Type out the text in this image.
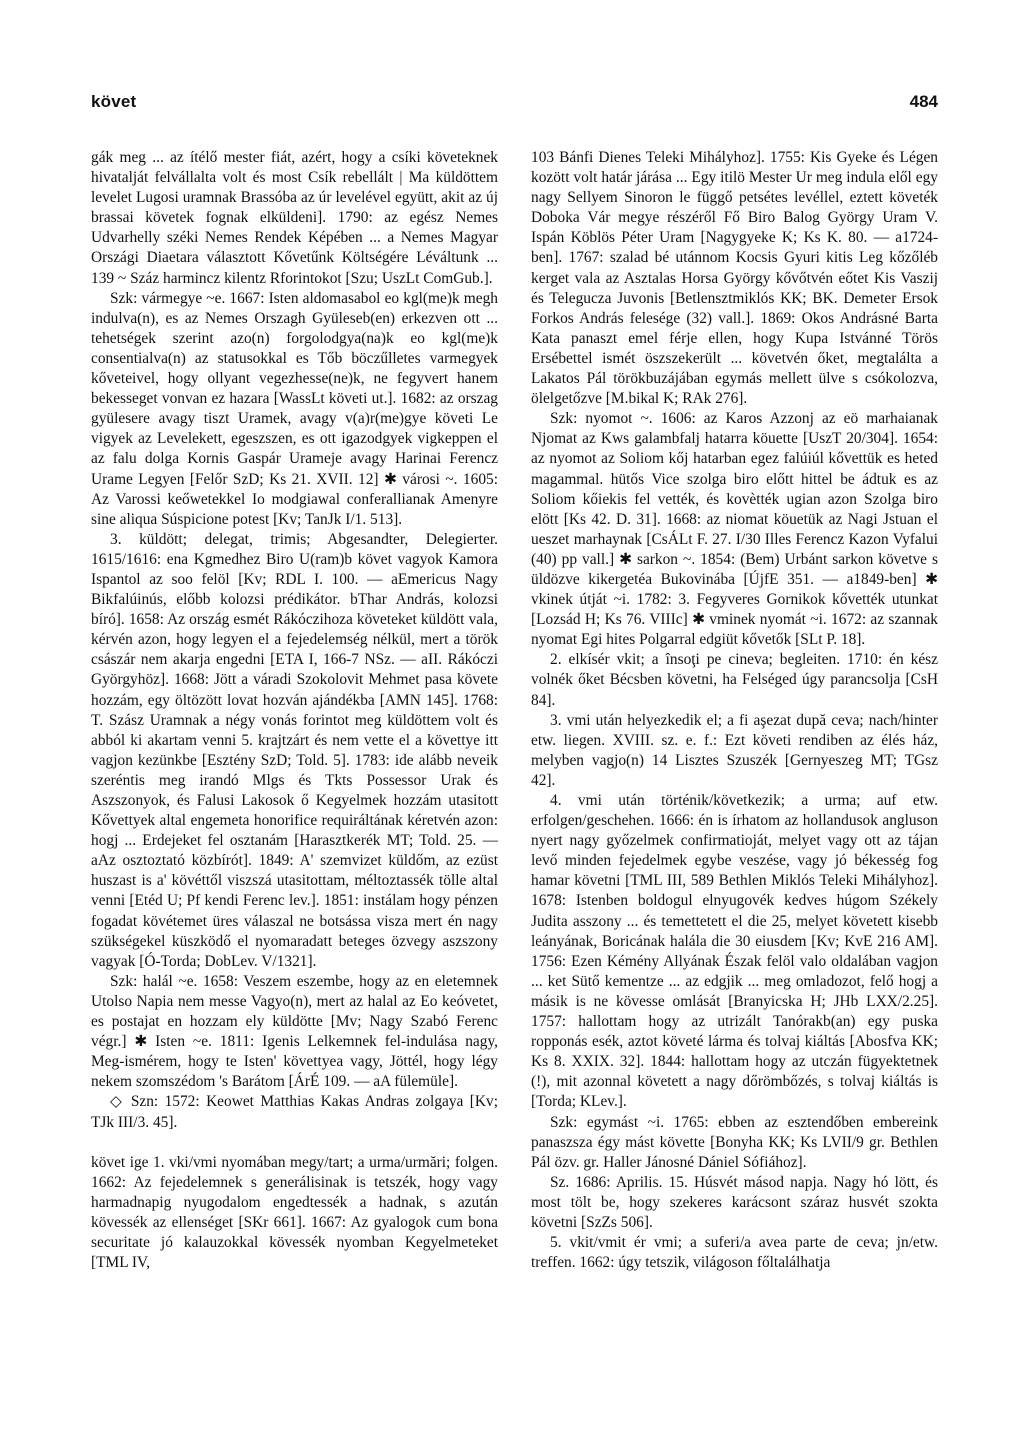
követ	484

gák meg ... az ítélő mester fiát, azért, hogy a csíki követeknek hivatalját felvállalta volt és most Csík rebellált | Ma küldöttem levelet Lugosi uramnak Brassóba az úr levelével együtt, akit az új brassai követek fognak elküldeni]. 1790: az egész Nemes Udvarhelly széki Nemes Rendek Képében ... a Nemes Magyar Országi Diaetara választott Kővetűnk Költségére Léváltunk ... 139 ~ Száz harmincz kilentz Rforintokot [Szu; UszLt ComGub.].

Szk: vármegye ~e. 1667: Isten aldomasabol eo kgl(me)k megh indulva(n), es az Nemes Orszagh Gyüleseb(en) erkezven ott ... tehetségek szerint azo(n) forgolodgya(na)k eo kgl(me)k consentialva(n) az statusokkal es Tőb böczűlletes varmegyek kőveteivel, hogy ollyant vegezhesse(ne)k, ne fegyvert hanem bekesseget vonvan ez hazara [WassLt követi ut.]. 1682: az orszag gyülesere avagy tiszt Uramek, avagy v(a)r(me)gye követi Le vigyek az Levelekett, egeszszen, es ott igazodgyek vigkeppen el az falu dolga Kornis Gaspár Urameje avagy Harinai Ferencz Urame Legyen [Felőr SzD; Ks 21. XVII. 12] ✱ városi ~. 1605: Az Varossi keőwetekkel Io modgiawal conferallianak Amenyre sine aliqua Súspicione potest [Kv; TanJk I/1. 513].

3. küldött; delegat, trimis; Abgesandter, Delegierter. 1615/1616: ena Kgmedhez Biro U(ram)b követ vagyok Kamora Ispantol az soo felöl [Kv; RDL I. 100. — aEmericus Nagy Bikfalúinús, előbb kolozsi prédikátor. bThar András, kolozsi bíró]. 1658: Az ország esmét Rákóczihoza követeket küldött vala, kérvén azon, hogy legyen el a fejedelemség nélkül, mert a török császár nem akarja engedni [ETA I, 166-7 NSz. — aII. Rákóczi Györgyhöz]. 1668: Jött a váradi Szokolovit Mehmet pasa követe hozzám, egy öltözött lovat hozván ajándékba [AMN 145]. 1768: T. Szász Uramnak a négy vonás forintot meg küldöttem volt és abból ki akartam venni 5. krajtzárt és nem vette el a követtye itt vagjon kezünkbe [Esztény SzD; Told. 5]. 1783: ide alább neveik szeréntis meg irandó Mlgs és Tkts Possessor Urak és Aszszonyok, és Falusi Lakosok ő Kegyelmek hozzám utasitott Kővettyek altal engemeta honorifice requiráltának kéretvén azon: hogj ... Erdejeket fel osztanám [Harasztkerék MT; Told. 25. — aAz osztoztató közbírót]. 1849: A' szemvizet küldőm, az ezüst huszast is a' kövéttől viszszá utasitottam, méltoztassék tölle altal venni [Etéd U; Pf kendi Ferenc lev.]. 1851: instálam hogy pénzen fogadat kövétemet üres válaszal ne botsássa visza mert én nagy szükségekel küszködő el nyomaradatt beteges özvegy aszszony vagyak [Ó-Torda; DobLev. V/1321].

Szk: halál ~e. 1658: Veszem eszembe, hogy az en eletemnek Utolso Napia nem messe Vagyo(n), mert az halal az Eo keóvetet, es postajat en hozzam ely küldötte [Mv; Nagy Szabó Ferenc végr.] ✱ Isten ~e. 1811: Igenis Lelkemnek fel-indulása nagy, Meg-ismérem, hogy te Isten' követtyea vagy, Jöttél, hogy légy nekem szomszédom 's Barátom [ÁrÉ 109. — aA fülemüle].

◇ Szn: 1572: Keowet Matthias Kakas Andras zolgaya [Kv; TJk III/3. 45].

követ ige 1. vki/vmi nyomában megy/tart; a urma/urmări; folgen. 1662: Az fejedelemnek s generálisinak is tetszék, hogy vagy harmadnapig nyugodalom engedtessék a hadnak, s azután kövessék az ellenséget [SKr 661]. 1667: Az gyalogok cum bona securitate jó kalauzokkal kövessék nyomban Kegyelmeteket [TML IV,

103 Bánfi Dienes Teleki Mihályhoz]. 1755: Kis Gyeke és Légen kozött volt határ járása ... Egy itilö Mester Ur meg indula elől egy nagy Sellyem Sinoron le függő petsétes levéllel, eztett követék Doboka Vár megye részéről Fő Biro Balog György Uram V. Ispán Köblös Péter Uram [Nagygyeke K; Ks K. 80. — a1724-ben]. 1767: szalad bé utánnom Kocsis Gyuri kitis Leg kőzőléb kerget vala az Asztalas Horsa György kővőtvén eőtet Kis Vaszij és Telegucza Juvonis [Betlensztmiklós KK; BK. Demeter Ersok Forkos András felesége (32) vall.]. 1869: Okos Andrásné Barta Kata panaszt emel férje ellen, hogy Kupa Istvánné Törös Ersébettel ismét öszszekerült ... követvén őket, megtalálta a Lakatos Pál törökbuzájában egymás mellett ülve s csókolozva, ölelgetőzve [M.bikal K; RAk 276].

Szk: nyomot ~. 1606: az Karos Azzonj az eö marhaianak Njomat az Kws galambfalj hatarra köuette [UszT 20/304]. 1654: az nyomot az Soliom kőj hatarban egez falúiúl kővettük es heted magammal. hütős Vice szolga biro előtt hittel be ádtuk es az Soliom kőiekis fel vették, és kovètték ugian azon Szolga biro elött [Ks 42. D. 31]. 1668: az niomat köuetük az Nagi Jstuan el ueszet marhaynak [CsÁLt F. 27. I/30 Illes Ferencz Kazon Vyfalui (40) pp vall.] ✱ sarkon ~. 1854: (Bem) Urbánt sarkon követve s üldözve kikergetéa Bukovinába [ÚjfE 351. — a1849-ben] ✱ vkinek útját ~i. 1782: 3. Fegyveres Gornikok kővették utunkat [Lozsád H; Ks 76. VIIIc] ✱ vminek nyomát ~i. 1672: az szannak nyomat Egi hites Polgarral edgiüt kővetők [SLt P. 18].

2. elkísér vkit; a însoţi pe cineva; begleiten. 1710: én kész volnék őket Bécsben követni, ha Felséged úgy parancsolja [CsH 84].

3. vmi után helyezkedik el; a fi aşezat după ceva; nach/hinter etw. liegen. XVIII. sz. e. f.: Ezt követi rendiben az élés ház, melyben vagjo(n) 14 Lisztes Szuszék [Gernyeszeg MT; TGsz 42].

4. vmi után történik/következik; a urma; auf etw. erfolgen/geschehen. 1666: én is írhatom az hollandusok angluson nyert nagy győzelmek confirmatioját, melyet vagy ott az tájan levő minden fejedelmek egybe veszése, vagy jó békesség fog hamar követni [TML III, 589 Bethlen Miklós Teleki Mihályhoz]. 1678: Istenben boldogul elnyugovék kedves húgom Székely Judita asszony ... és temettetett el die 25, melyet követett kisebb leányának, Boricának halála die 30 eiusdem [Kv; KvE 216 AM]. 1756: Ezen Kémény Allyának Észak felöl valo oldalában vagjon ... ket Sütő kementze ... az edgjik ... meg omladozot, felő hogj a másik is ne kövesse omlását [Branyicska H; JHb LXX/2.25]. 1757: hallottam hogy az utrizált Tanórakb(an) egy puska ropponás esék, aztot követé lárma és tolvaj kiáltás [Abosfva KK; Ks 8. XXIX. 32]. 1844: hallottam hogy az utczán fügyektetnek (!), mit azonnal követett a nagy dőrömbőzés, s tolvaj kiáltás is [Torda; KLev.].

Szk: egymást ~i. 1765: ebben az esztendőben embereink panaszsza égy mást követte [Bonyha KK; Ks LVII/9 gr. Bethlen Pál özv. gr. Haller Jánosné Dániel Sófiához].

Sz. 1686: Aprilis. 15. Húsvét másod napja. Nagy hó lött, és most tölt be, hogy szekeres karácsont száraz husvét szokta követni [SzZs 506].

5. vkit/vmit ér vmi; a suferi/a avea parte de ceva; jn/etw. treffen. 1662: úgy tetszik, világoson főltalálhatja
